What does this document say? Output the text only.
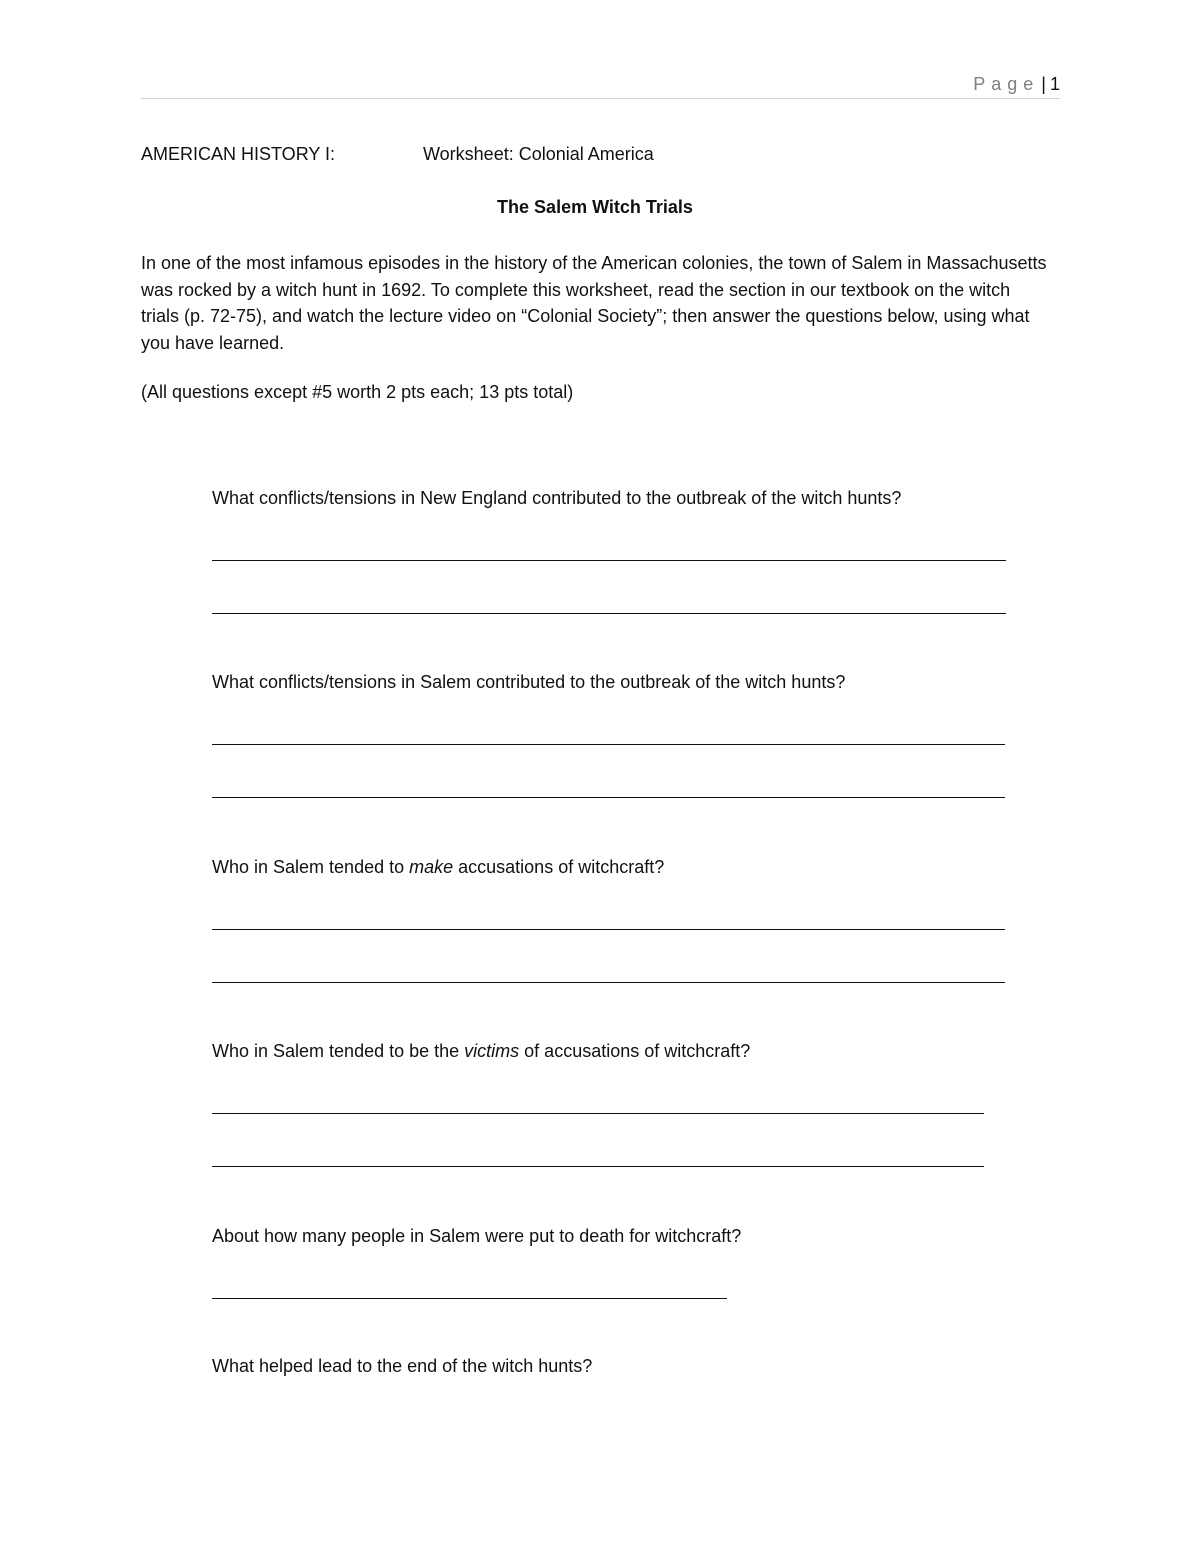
Page | 1
AMERICAN HISTORY I:	Worksheet: Colonial America
The Salem Witch Trials

In one of the most infamous episodes in the history of the American colonies, the town of Salem in Massachusetts was rocked by a witch hunt in 1692. To complete this worksheet, read the section in our textbook on the witch trials (p. 72-75), and watch the lecture video on “Colonial Society”; then answer the questions below, using what you have learned.

(All questions except #5 worth 2 pts each; 13 pts total)
What conflicts/tensions in New England contributed to the outbreak of the witch hunts?
What conflicts/tensions in Salem contributed to the outbreak of the witch hunts?
Who in Salem tended to make accusations of witchcraft?
Who in Salem tended to be the victims of accusations of witchcraft?
About how many people in Salem were put to death for witchcraft?
What helped lead to the end of the witch hunts?
